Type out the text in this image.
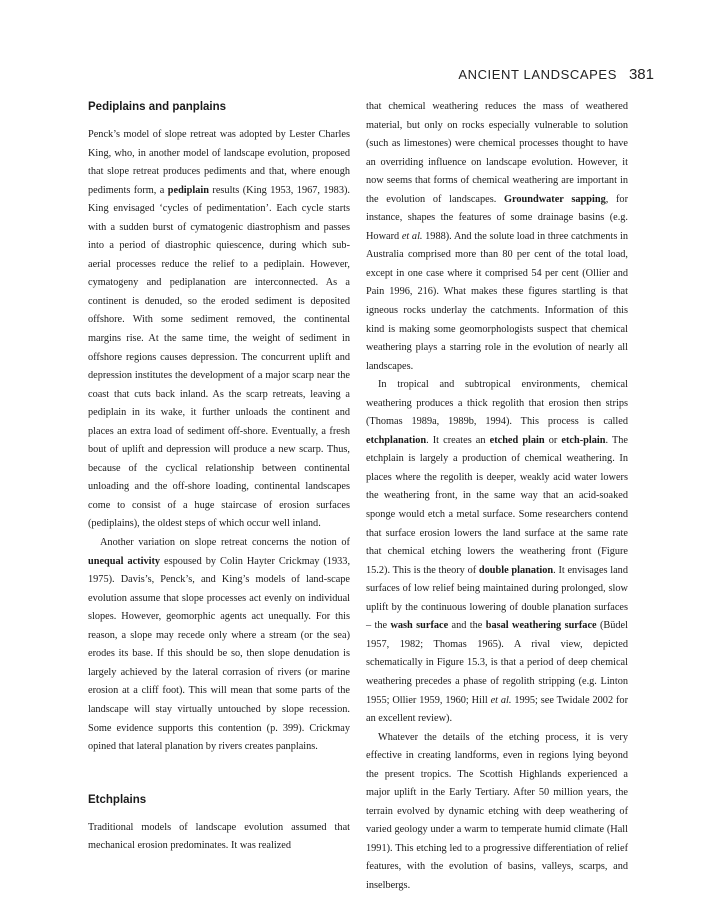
ANCIENT LANDSCAPES 381
Pediplains and panplains

Penck’s model of slope retreat was adopted by Lester Charles King, who, in another model of landscape evolution, proposed that slope retreat produces pediments and that, where enough pediments form, a pediplain results (King 1953, 1967, 1983). King envisaged ‘cycles of pedimentation’. Each cycle starts with a sudden burst of cymatogenic diastrophism and passes into a period of diastrophic quiescence, during which sub-aerial processes reduce the relief to a pediplain. However, cymatogeny and pediplanation are interconnected. As a continent is denuded, so the eroded sediment is deposited offshore. With some sediment removed, the continental margins rise. At the same time, the weight of sediment in offshore regions causes depression. The concurrent uplift and depression institutes the development of a major scarp near the coast that cuts back inland. As the scarp retreats, leaving a pediplain in its wake, it further unloads the continent and places an extra load of sediment off-shore. Eventually, a fresh bout of uplift and depression will produce a new scarp. Thus, because of the cyclical relationship between continental unloading and the off-shore loading, continental landscapes come to consist of a huge staircase of erosion surfaces (pediplains), the oldest steps of which occur well inland.

Another variation on slope retreat concerns the notion of unequal activity espoused by Colin Hayter Crickmay (1933, 1975). Davis’s, Penck’s, and King’s models of land-scape evolution assume that slope processes act evenly on individual slopes. However, geomorphic agents act unequally. For this reason, a slope may recede only where a stream (or the sea) erodes its base. If this should be so, then slope denudation is largely achieved by the lateral corrasion of rivers (or marine erosion at a cliff foot). This will mean that some parts of the landscape will stay virtually untouched by slope recession. Some evidence supports this contention (p. 399). Crickmay opined that lateral planation by rivers creates panplains.

Etchplains

Traditional models of landscape evolution assumed that mechanical erosion predominates. It was realized

that chemical weathering reduces the mass of weathered material, but only on rocks especially vulnerable to solution (such as limestones) were chemical processes thought to have an overriding influence on landscape evolution. However, it now seems that forms of chemical weathering are important in the evolution of landscapes. Groundwater sapping, for instance, shapes the features of some drainage basins (e.g. Howard et al. 1988). And the solute load in three catchments in Australia comprised more than 80 per cent of the total load, except in one case where it comprised 54 per cent (Ollier and Pain 1996, 216). What makes these figures startling is that igneous rocks underlay the catchments. Information of this kind is making some geomorphologists suspect that chemical weathering plays a starring role in the evolution of nearly all landscapes.

In tropical and subtropical environments, chemical weathering produces a thick regolith that erosion then strips (Thomas 1989a, 1989b, 1994). This process is called etchplanation. It creates an etched plain or etch-plain. The etchplain is largely a production of chemical weathering. In places where the regolith is deeper, weakly acid water lowers the weathering front, in the same way that an acid-soaked sponge would etch a metal surface. Some researchers contend that surface erosion lowers the land surface at the same rate that chemical etching lowers the weathering front (Figure 15.2). This is the theory of double planation. It envisages land surfaces of low relief being maintained during prolonged, slow uplift by the continuous lowering of double planation surfaces – the wash surface and the basal weathering surface (Büdel 1957, 1982; Thomas 1965). A rival view, depicted schematically in Figure 15.3, is that a period of deep chemical weathering precedes a phase of regolith stripping (e.g. Linton 1955; Ollier 1959, 1960; Hill et al. 1995; see Twidale 2002 for an excellent review).

Whatever the details of the etching process, it is very effective in creating landforms, even in regions lying beyond the present tropics. The Scottish Highlands experienced a major uplift in the Early Tertiary. After 50 million years, the terrain evolved by dynamic etching with deep weathering of varied geology under a warm to temperate humid climate (Hall 1991). This etching led to a progressive differentiation of relief features, with the evolution of basins, valleys, scarps, and inselbergs.
